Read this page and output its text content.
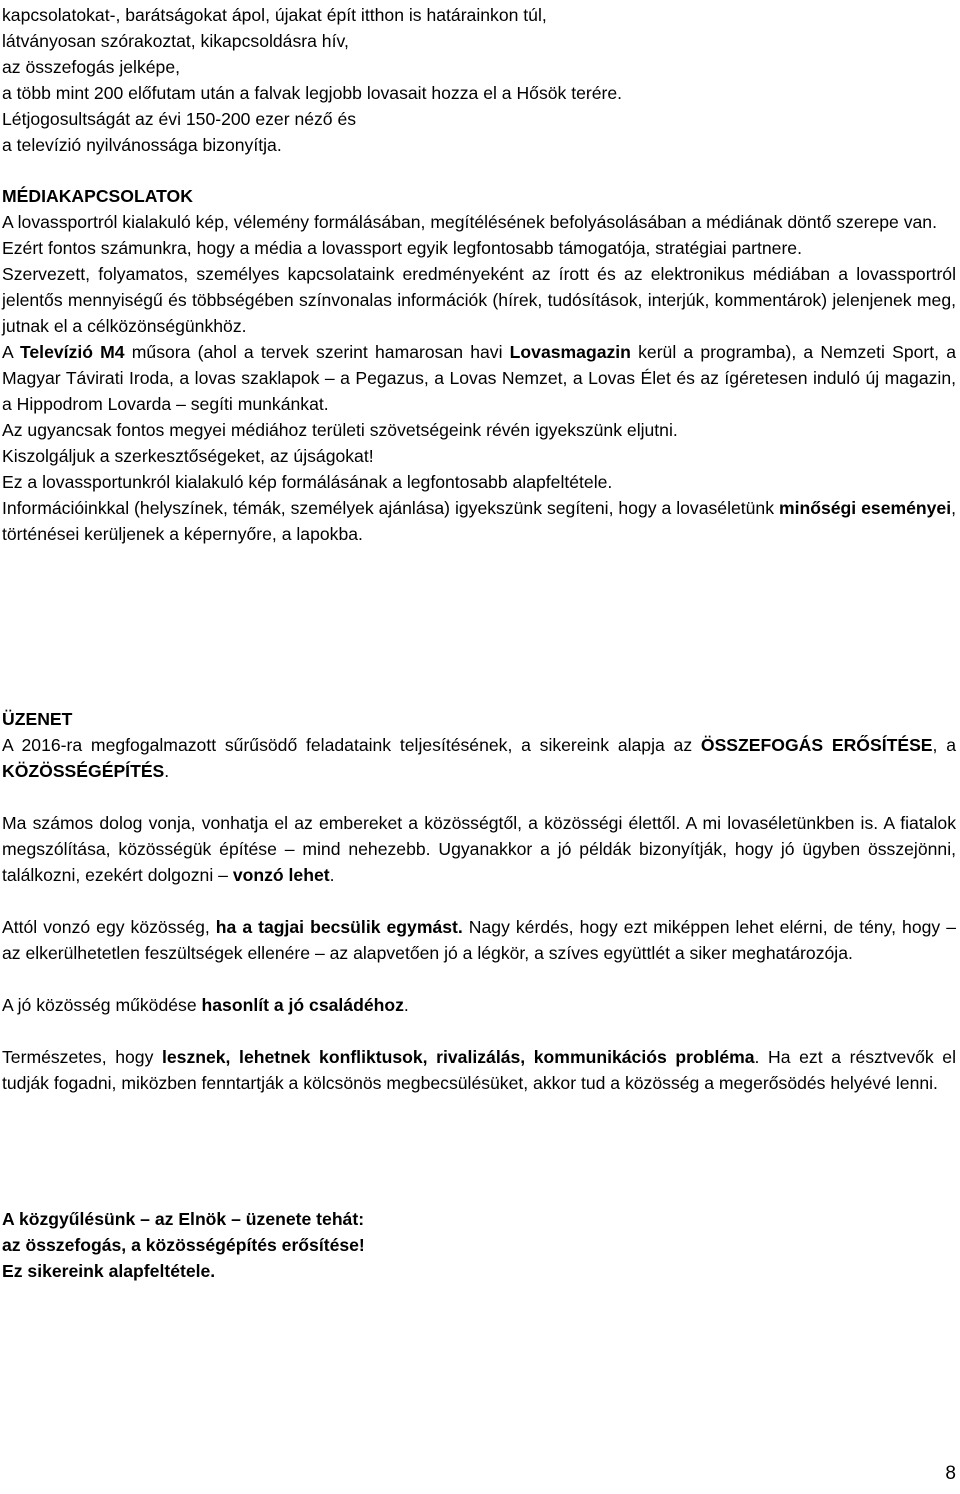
kapcsolatokat-, barátságokat ápol, újakat épít itthon is határainkon túl,

látványosan szórakoztat, kikapcsoldásra hív,

az összefogás jelképe,

a több mint 200 előfutam után a falvak legjobb lovasait hozza el a Hősök terére.

Létjogosultságát az évi 150-200 ezer néző és

a televízió nyilvánossága bizonyítja.

MÉDIAKAPCSOLATOK

A lovassportról kialakuló kép, vélemény formálásában, megítélésének befolyásolásában a médiának döntő szerepe van.

Ezért fontos számunkra, hogy a média a lovassport egyik legfontosabb támogatója, stratégiai partnere.

Szervezett, folyamatos, személyes kapcsolataink eredményeként az írott és az elektronikus médiában a lovassportról jelentős mennyiségű és többségében színvonalas információk (hírek, tudósítások, interjúk, kommentárok) jelenjenek meg, jutnak el a célközönségünkhöz.

A Televízió M4 műsora (ahol a tervek szerint hamarosan havi Lovasmagazin kerül a programba), a Nemzeti Sport, a Magyar Távirati Iroda, a lovas szaklapok – a Pegazus, a Lovas Nemzet, a Lovas Élet és az ígéretesen induló új magazin, a Hippodrom Lovarda – segíti munkánkat.

Az ugyancsak fontos megyei médiához területi szövetségeink révén igyekszünk eljutni.

Kiszolgáljuk a szerkesztőségeket, az újságokat!

Ez a lovassportunkról kialakuló kép formálásának a legfontosabb alapfeltétele.

Információinkkal (helyszínek, témák, személyek ajánlása) igyekszünk segíteni, hogy a lovaséletünk minőségi eseményei, történései kerüljenek a képernyőre, a lapokba.

ÜZENET

A 2016-ra megfogalmazott sűrűsödő feladataink teljesítésének, a sikereink alapja az ÖSSZEFOGÁS ERŐSÍTÉSE, a KÖZÖSSÉGÉPÍTÉS.

Ma számos dolog vonja, vonhatja el az embereket a közösségtől, a közösségi élettől. A mi lovaséletünkben is. A fiatalok megszólítása, közösségük építése – mind nehezebb. Ugyanakkor a jó példák bizonyítják, hogy jó ügyben összejönni, találkozni, ezekért dolgozni – vonzó lehet.

Attól vonzó egy közösség, ha a tagjai becsülik egymást. Nagy kérdés, hogy ezt miképpen lehet elérni, de tény, hogy – az elkerülhetetlen feszültségek ellenére – az alapvetően jó a légkör, a szíves együttlét a siker meghatározója.

A jó közösség működése hasonlít a jó családéhoz.

Természetes, hogy lesznek, lehetnek konfliktusok, rivalizálás, kommunikációs probléma. Ha ezt a résztvevők el tudják fogadni, miközben fenntartják a kölcsönös megbecsülésüket, akkor tud a közösség a megerősödés helyévé lenni.

A közgyűlésünk – az Elnök – üzenete tehát:

az összefogás, a közösségépítés erősítése!

Ez sikereink alapfeltétele.

8
